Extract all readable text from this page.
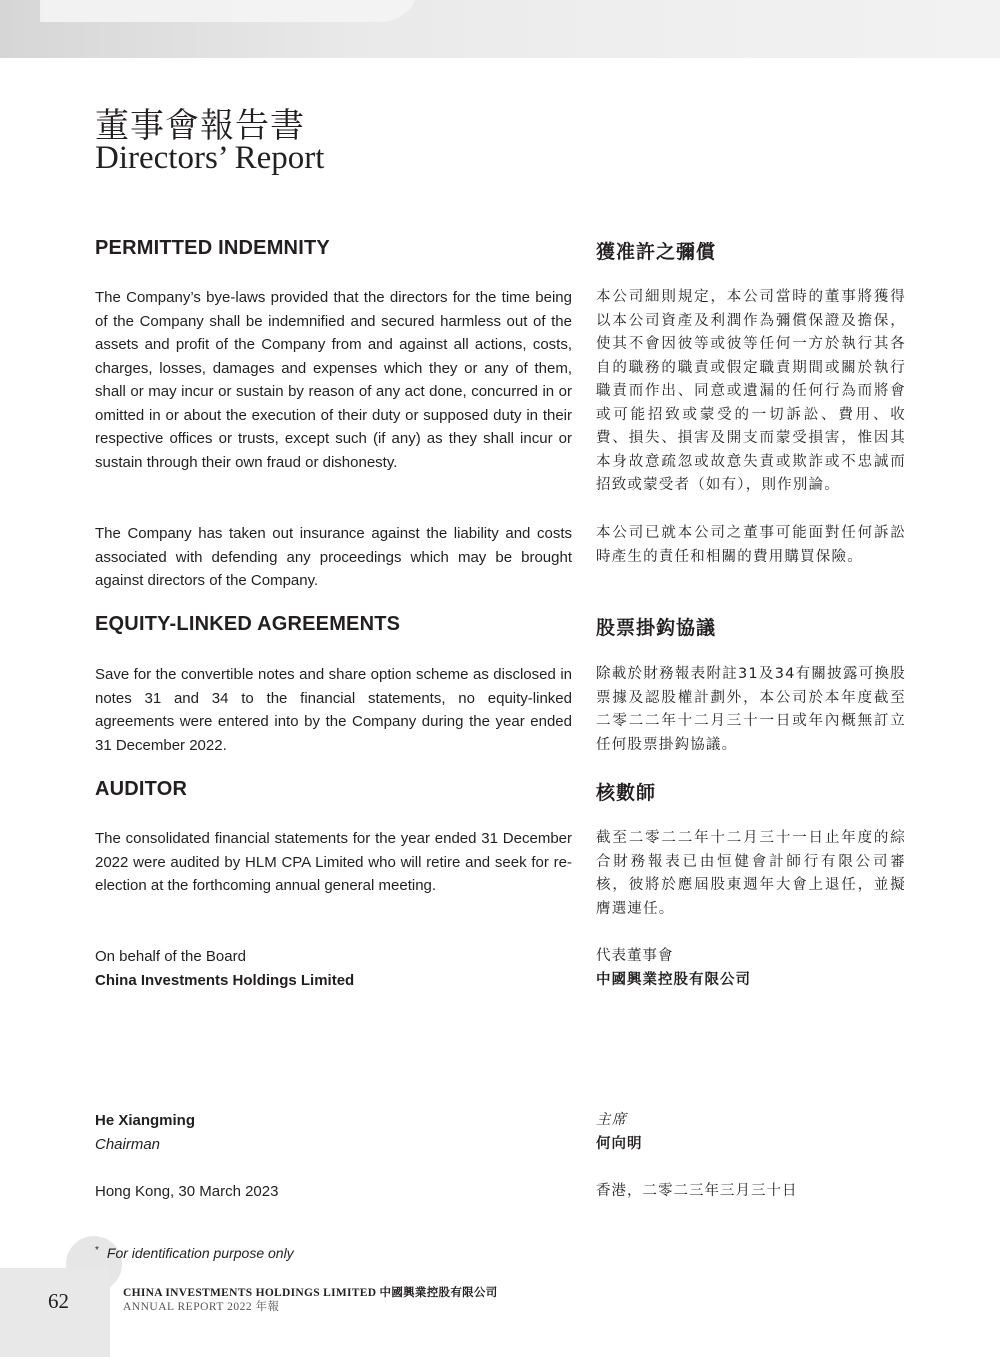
董事會報告書
Directors’ Report
PERMITTED INDEMNITY	獲准許之彌償

The Company’s bye-laws provided that the directors for the time being of the Company shall be indemnified and secured harmless out of the assets and profit of the Company from and against all actions, costs, charges, losses, damages and expenses which they or any of them, shall or may incur or sustain by reason of any act done, concurred in or omitted in or about the execution of their duty or supposed duty in their respective offices or trusts, except such (if any) as they shall incur or sustain through their own fraud or dishonesty.

本公司細則規定，本公司當時的董事將獲得以本公司資產及利潤作為彌償保證及擔保，使其不會因彼等或彼等任何一方於執行其各自的職務的職責或假定職責期間或關於執行職責而作出、同意或遺漏的任何行為而將會或可能招致或蒙受的一切訴訟、費用、收費、損失、損害及開支而蒙受損害，惟因其本身故意疏忽或故意失責或欺詐或不忠誠而招致或蒙受者（如有），則作別論。

The Company has taken out insurance against the liability and costs associated with defending any proceedings which may be brought against directors of the Company.

本公司已就本公司之董事可能面對任何訴訟時產生的責任和相關的費用購買保險。

EQUITY-LINKED AGREEMENTS	股票掛鈎協議

Save for the convertible notes and share option scheme as disclosed in notes 31 and 34 to the financial statements, no equity-linked agreements were entered into by the Company during the year ended 31 December 2022.

除載於財務報表附註31及34有關披露可換股票據及認股權計劃外，本公司於本年度截至二零二二年十二月三十一日或年內概無訂立任何股票掛鈎協議。

AUDITOR	核數師

The consolidated financial statements for the year ended 31 December 2022 were audited by HLM CPA Limited who will retire and seek for re-election at the forthcoming annual general meeting.

截至二零二二年十二月三十一日止年度的綜合財務報表已由恒健會計師行有限公司審核，彼將於應屆股東週年大會上退任，並擬膺選連任。

On behalf of the Board

China Investments Holdings Limited

代表董事會

中國興業控股有限公司

He Xiangming

Chairman

主席

何向明

Hong Kong, 30 March 2023	香港，二零二三年三月三十日

* For identification purpose only
62	CHINA INVESTMENTS HOLDINGS LIMITED 中國興業控股有限公司
ANNUAL REPORT 2022 年報
